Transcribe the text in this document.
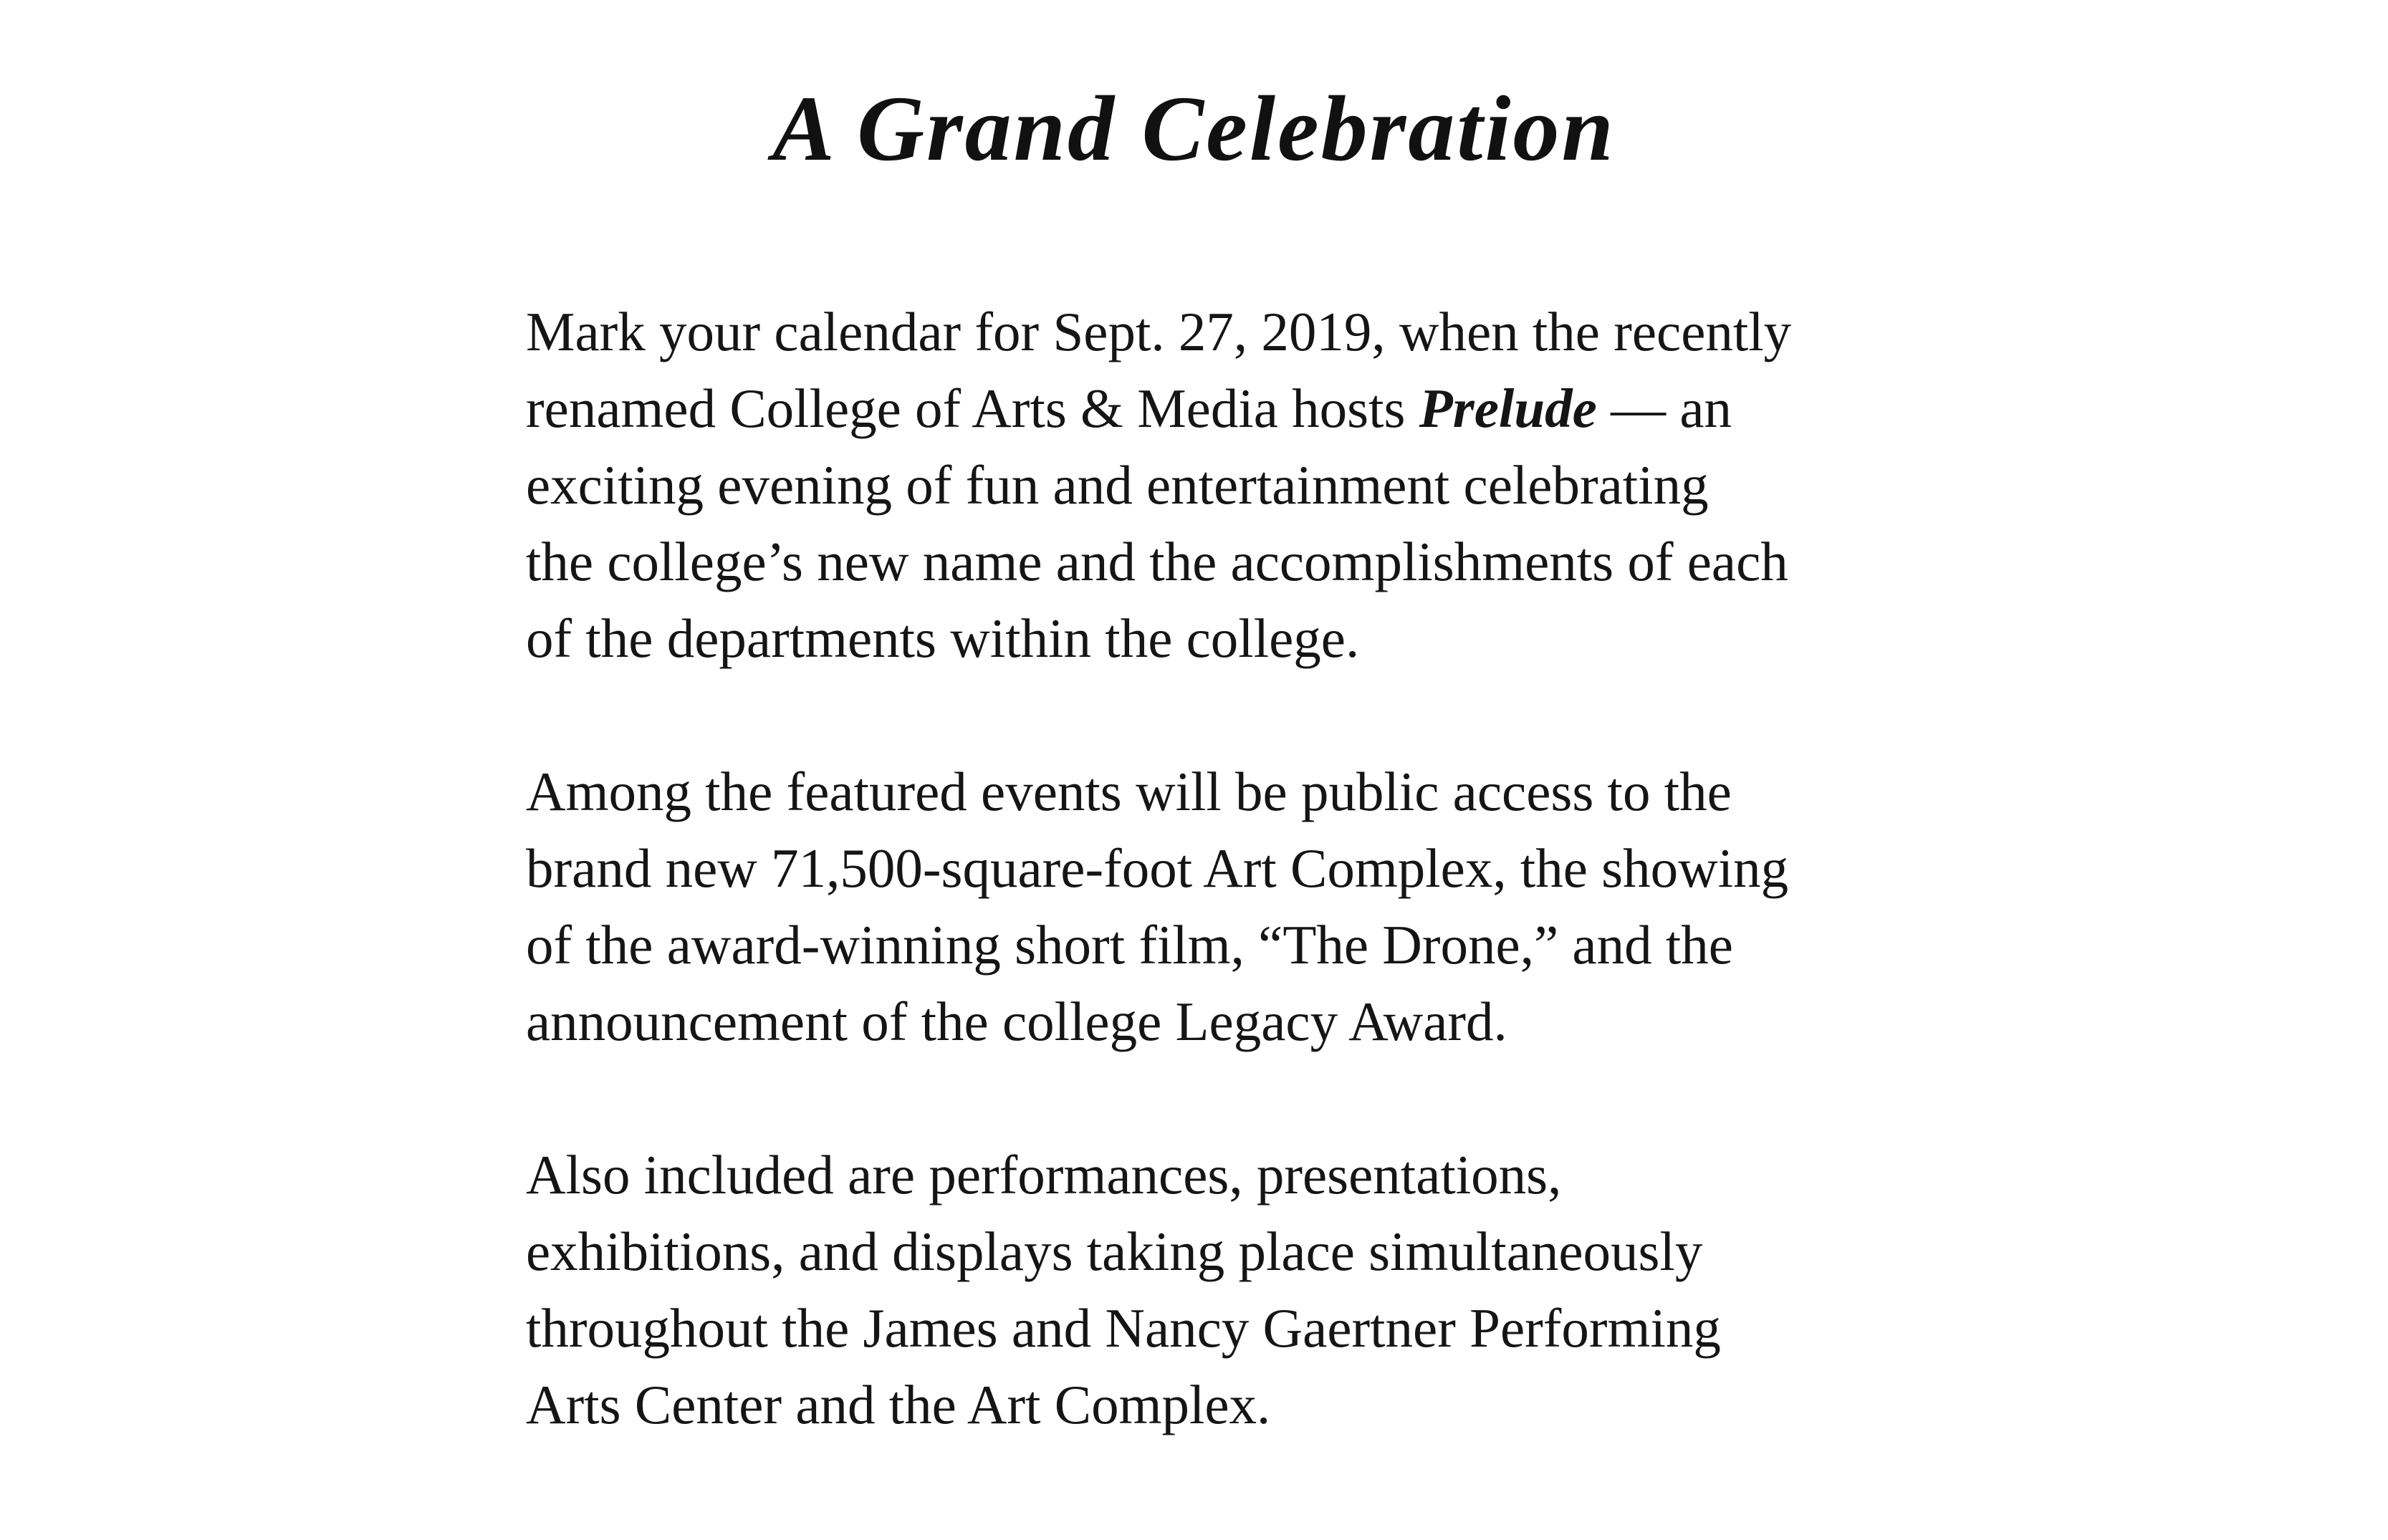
A Grand Celebration

Mark your calendar for Sept. 27, 2019, when the recently
renamed College of Arts & Media hosts Prelude — an
exciting evening of fun and entertainment celebrating
the college’s new name and the accomplishments of each
of the departments within the college.

Among the featured events will be public access to the
brand new 71,500-square-foot Art Complex, the showing
of the award-winning short film, “The Drone,” and the
announcement of the college Legacy Award.

Also included are performances, presentations,
exhibitions, and displays taking place simultaneously
throughout the James and Nancy Gaertner Performing
Arts Center and the Art Complex.
